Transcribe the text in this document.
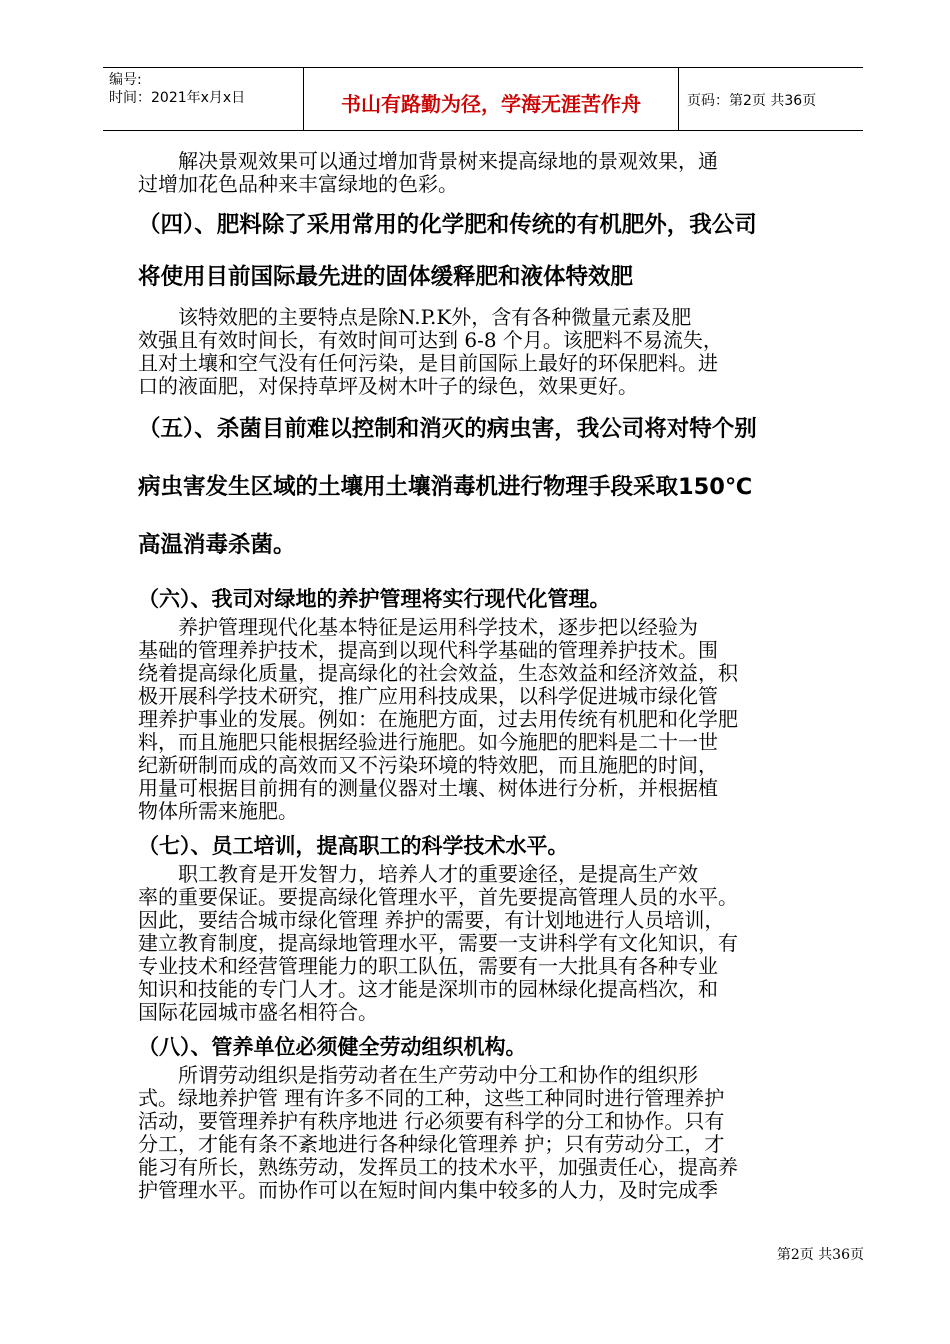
编号:
时间：2021年x月x日	书山有路勤为径，学海无涯苦作舟	页码：第2页 共36页

　　解决景观效果可以通过增加背景树来提高绿地的景观效果，通
过增加花色品种来丰富绿地的色彩。

（四）、肥料除了采用常用的化学肥和传统的有机肥外，我公司
将使用目前国际最先进的固体缓释肥和液体特效肥

　　该特效肥的主要特点是除N.P.K外，含有各种微量元素及肥
效强且有效时间长，有效时间可达到 6-8 个月。该肥料不易流失，
且对土壤和空气没有任何污染，是目前国际上最好的环保肥料。进
口的液面肥，对保持草坪及树木叶子的绿色，效果更好。

（五）、杀菌目前难以控制和消灭的病虫害，我公司将对特个别
病虫害发生区域的土壤用土壤消毒机进行物理手段采取150℃
高温消毒杀菌。
（六）、我司对绿地的养护管理将实行现代化管理。

　　养护管理现代化基本特征是运用科学技术，逐步把以经验为
基础的管理养护技术，提高到以现代科学基础的管理养护技术。围
绕着提高绿化质量，提高绿化的社会效益，生态效益和经济效益，积
极开展科学技术研究，推广应用科技成果，以科学促进城市绿化管
理养护事业的发展。例如：在施肥方面，过去用传统有机肥和化学肥
料，而且施肥只能根据经验进行施肥。如今施肥的肥料是二十一世
纪新研制而成的高效而又不污染环境的特效肥，而且施肥的时间，
用量可根据目前拥有的测量仪器对土壤、树体进行分析，并根据植
物体所需来施肥。

（七）、员工培训，提高职工的科学技术水平。

　　职工教育是开发智力，培养人才的重要途径，是提高生产效
率的重要保证。要提高绿化管理水平，首先要提高管理人员的水平。
因此，要结合城市绿化管理 养护的需要，有计划地进行人员培训，
建立教育制度，提高绿地管理水平，需要一支讲科学有文化知识，有
专业技术和经营管理能力的职工队伍，需要有一大批具有各种专业
知识和技能的专门人才。这才能是深圳市的园林绿化提高档次，和
国际花园城市盛名相符合。

（八）、管养单位必须健全劳动组织机构。

　　所谓劳动组织是指劳动者在生产劳动中分工和协作的组织形
式。绿地养护管 理有许多不同的工种，这些工种同时进行管理养护
活动，要管理养护有秩序地进 行必须要有科学的分工和协作。只有
分工，才能有条不紊地进行各种绿化管理养 护；只有劳动分工，才
能习有所长，熟练劳动，发挥员工的技术水平，加强责任心，提高养
护管理水平。而协作可以在短时间内集中较多的人力，及时完成季

第2页 共36页
